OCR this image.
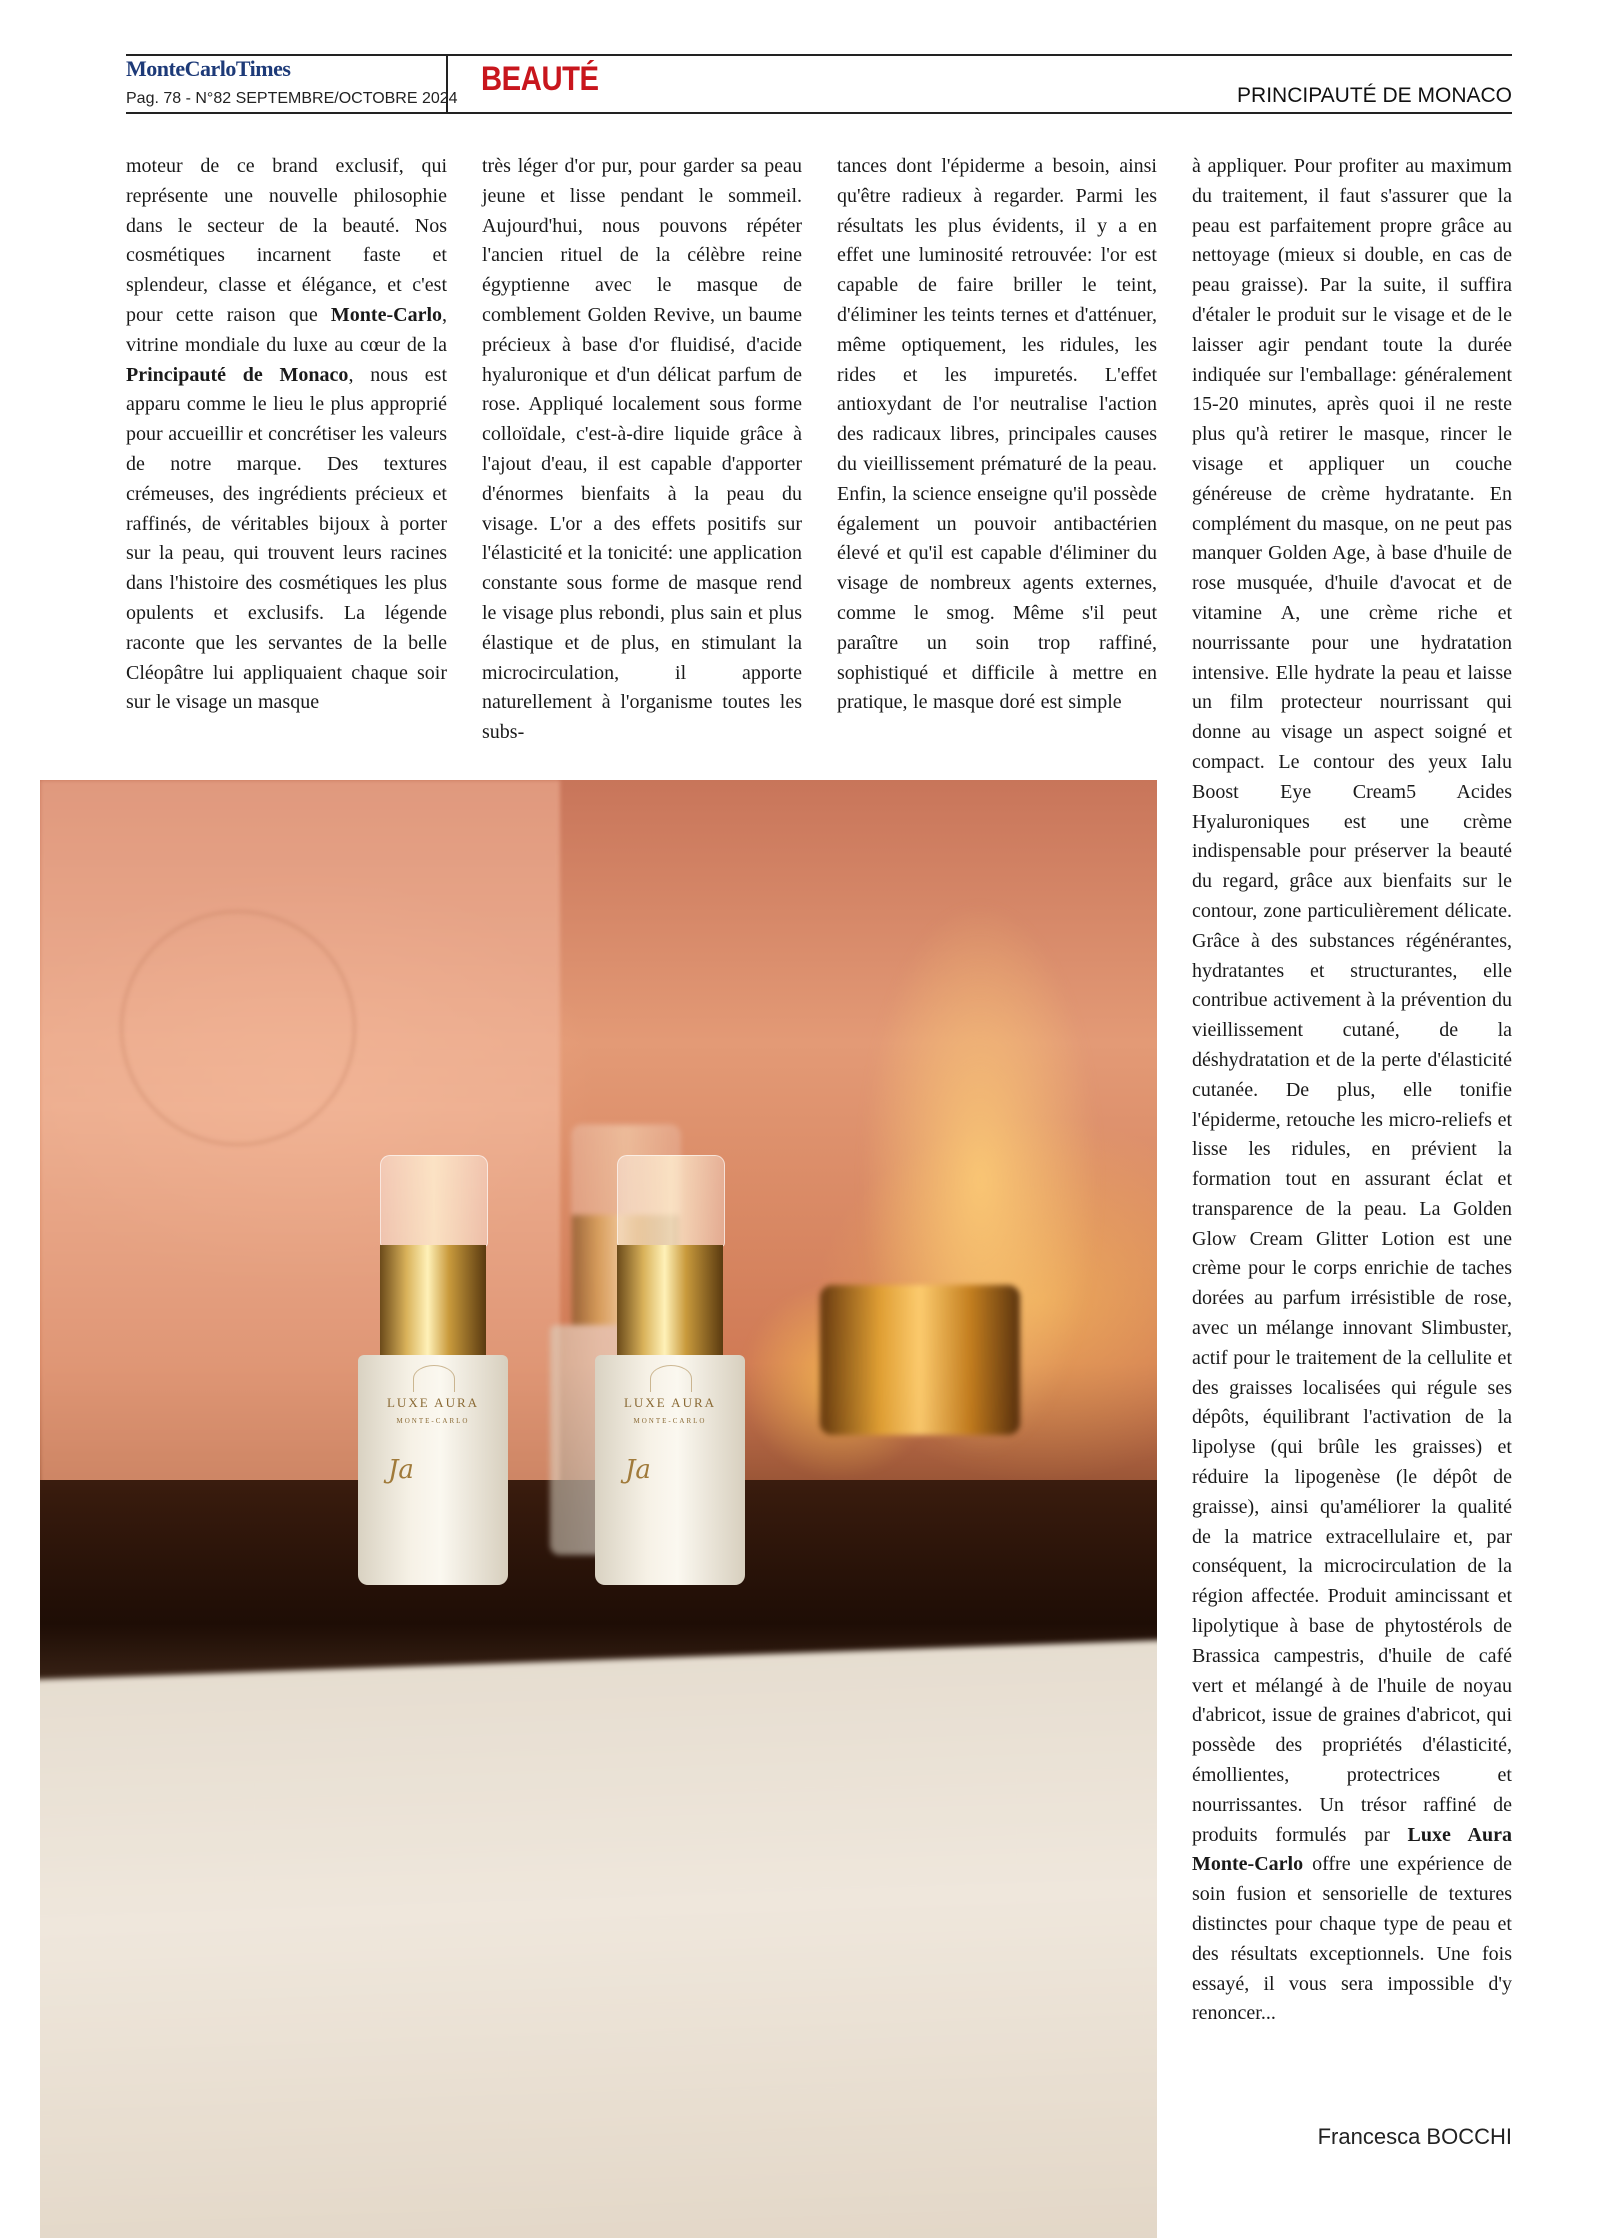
MonteCarloTimes
Pag. 78 - N°82 SEPTEMBRE/OCTOBRE 2024
BEAUTÉ	PRINCIPAUTÉ DE MONACO

moteur de ce brand exclusif, qui représente une nouvelle philosophie dans le secteur de la beauté. Nos cosmétiques incarnent faste et splendeur, classe et élégance, et c'est pour cette raison que Monte-Carlo, vitrine mondiale du luxe au cœur de la Principauté de Monaco, nous est apparu comme le lieu le plus approprié pour accueillir et concrétiser les valeurs de notre marque. Des textures crémeuses, des ingrédients précieux et raffinés, de véritables bijoux à porter sur la peau, qui trouvent leurs racines dans l'histoire des cosmétiques les plus opulents et exclusifs. La légende raconte que les servantes de la belle Cléopâtre lui appliquaient chaque soir sur le visage un masque

très léger d'or pur, pour garder sa peau jeune et lisse pendant le sommeil. Aujourd'hui, nous pouvons répéter l'ancien rituel de la célèbre reine égyptienne avec le masque de comblement Golden Revive, un baume précieux à base d'or fluidisé, d'acide hyaluronique et d'un délicat parfum de rose. Appliqué localement sous forme colloïdale, c'est-à-dire liquide grâce à l'ajout d'eau, il est capable d'apporter d'énormes bienfaits à la peau du visage. L'or a des effets positifs sur l'élasticité et la tonicité: une application constante sous forme de masque rend le visage plus rebondi, plus sain et plus élastique et de plus, en stimulant la microcirculation, il apporte naturellement à l'organisme toutes les subs-

tances dont l'épiderme a besoin, ainsi qu'être radieux à regarder. Parmi les résultats les plus évidents, il y a en effet une luminosité retrouvée: l'or est capable de faire briller le teint, d'éliminer les teints ternes et d'atténuer, même optiquement, les ridules, les rides et les impuretés. L'effet antioxydant de l'or neutralise l'action des radicaux libres, principales causes du vieillissement prématuré de la peau. Enfin, la science enseigne qu'il possède également un pouvoir antibactérien élevé et qu'il est capable d'éliminer du visage de nombreux agents externes, comme le smog. Même s'il peut paraître un soin trop raffiné, sophistiqué et difficile à mettre en pratique, le masque doré est simple

à appliquer. Pour profiter au maximum du traitement, il faut s'assurer que la peau est parfaitement propre grâce au nettoyage (mieux si double, en cas de peau graisse). Par la suite, il suffira d'étaler le produit sur le visage et de le laisser agir pendant toute la durée indiquée sur l'emballage: généralement 15-20 minutes, après quoi il ne reste plus qu'à retirer le masque, rincer le visage et appliquer un couche généreuse de crème hydratante. En complément du masque, on ne peut pas manquer Golden Age, à base d'huile de rose musquée, d'huile d'avocat et de vitamine A, une crème riche et nourrissante pour une hydratation intensive. Elle hydrate la peau et laisse un film protecteur nourrissant qui donne au visage un aspect soigné et compact. Le contour des yeux Ialu Boost Eye Cream5 Acides Hyaluroniques est une crème indispensable pour préserver la beauté du regard, grâce aux bienfaits sur le contour, zone particulièrement délicate. Grâce à des substances régénérantes, hydratantes et structurantes, elle contribue activement à la prévention du vieillissement cutané, de la déshydratation et de la perte d'élasticité cutanée. De plus, elle tonifie l'épiderme, retouche les micro-reliefs et lisse les ridules, en prévient la formation tout en assurant éclat et transparence de la peau. La Golden Glow Cream Glitter Lotion est une crème pour le corps enrichie de taches dorées au parfum irrésistible de rose, avec un mélange innovant Slimbuster, actif pour le traitement de la cellulite et des graisses localisées qui régule ses dépôts, équilibrant l'activation de la lipolyse (qui brûle les graisses) et réduire la lipogenèse (le dépôt de graisse), ainsi qu'améliorer la qualité de la matrice extracellulaire et, par conséquent, la microcirculation de la région affectée. Produit amincissant et lipolytique à base de phytostérols de Brassica campestris, d'huile de café vert et mélangé à de l'huile de noyau d'abricot, issue de graines d'abricot, qui possède des propriétés d'élasticité, émollientes, protectrices et nourrissantes. Un trésor raffiné de produits formulés par Luxe Aura Monte-Carlo offre une expérience de soin fusion et sensorielle de textures distinctes pour chaque type de peau et des résultats exceptionnels. Une fois essayé, il vous sera impossible d'y renoncer...

Francesca BOCCHI
LUXE AURA
MONTE-CARLO
Ja
LUXE AURA
MONTE-CARLO
Ja
